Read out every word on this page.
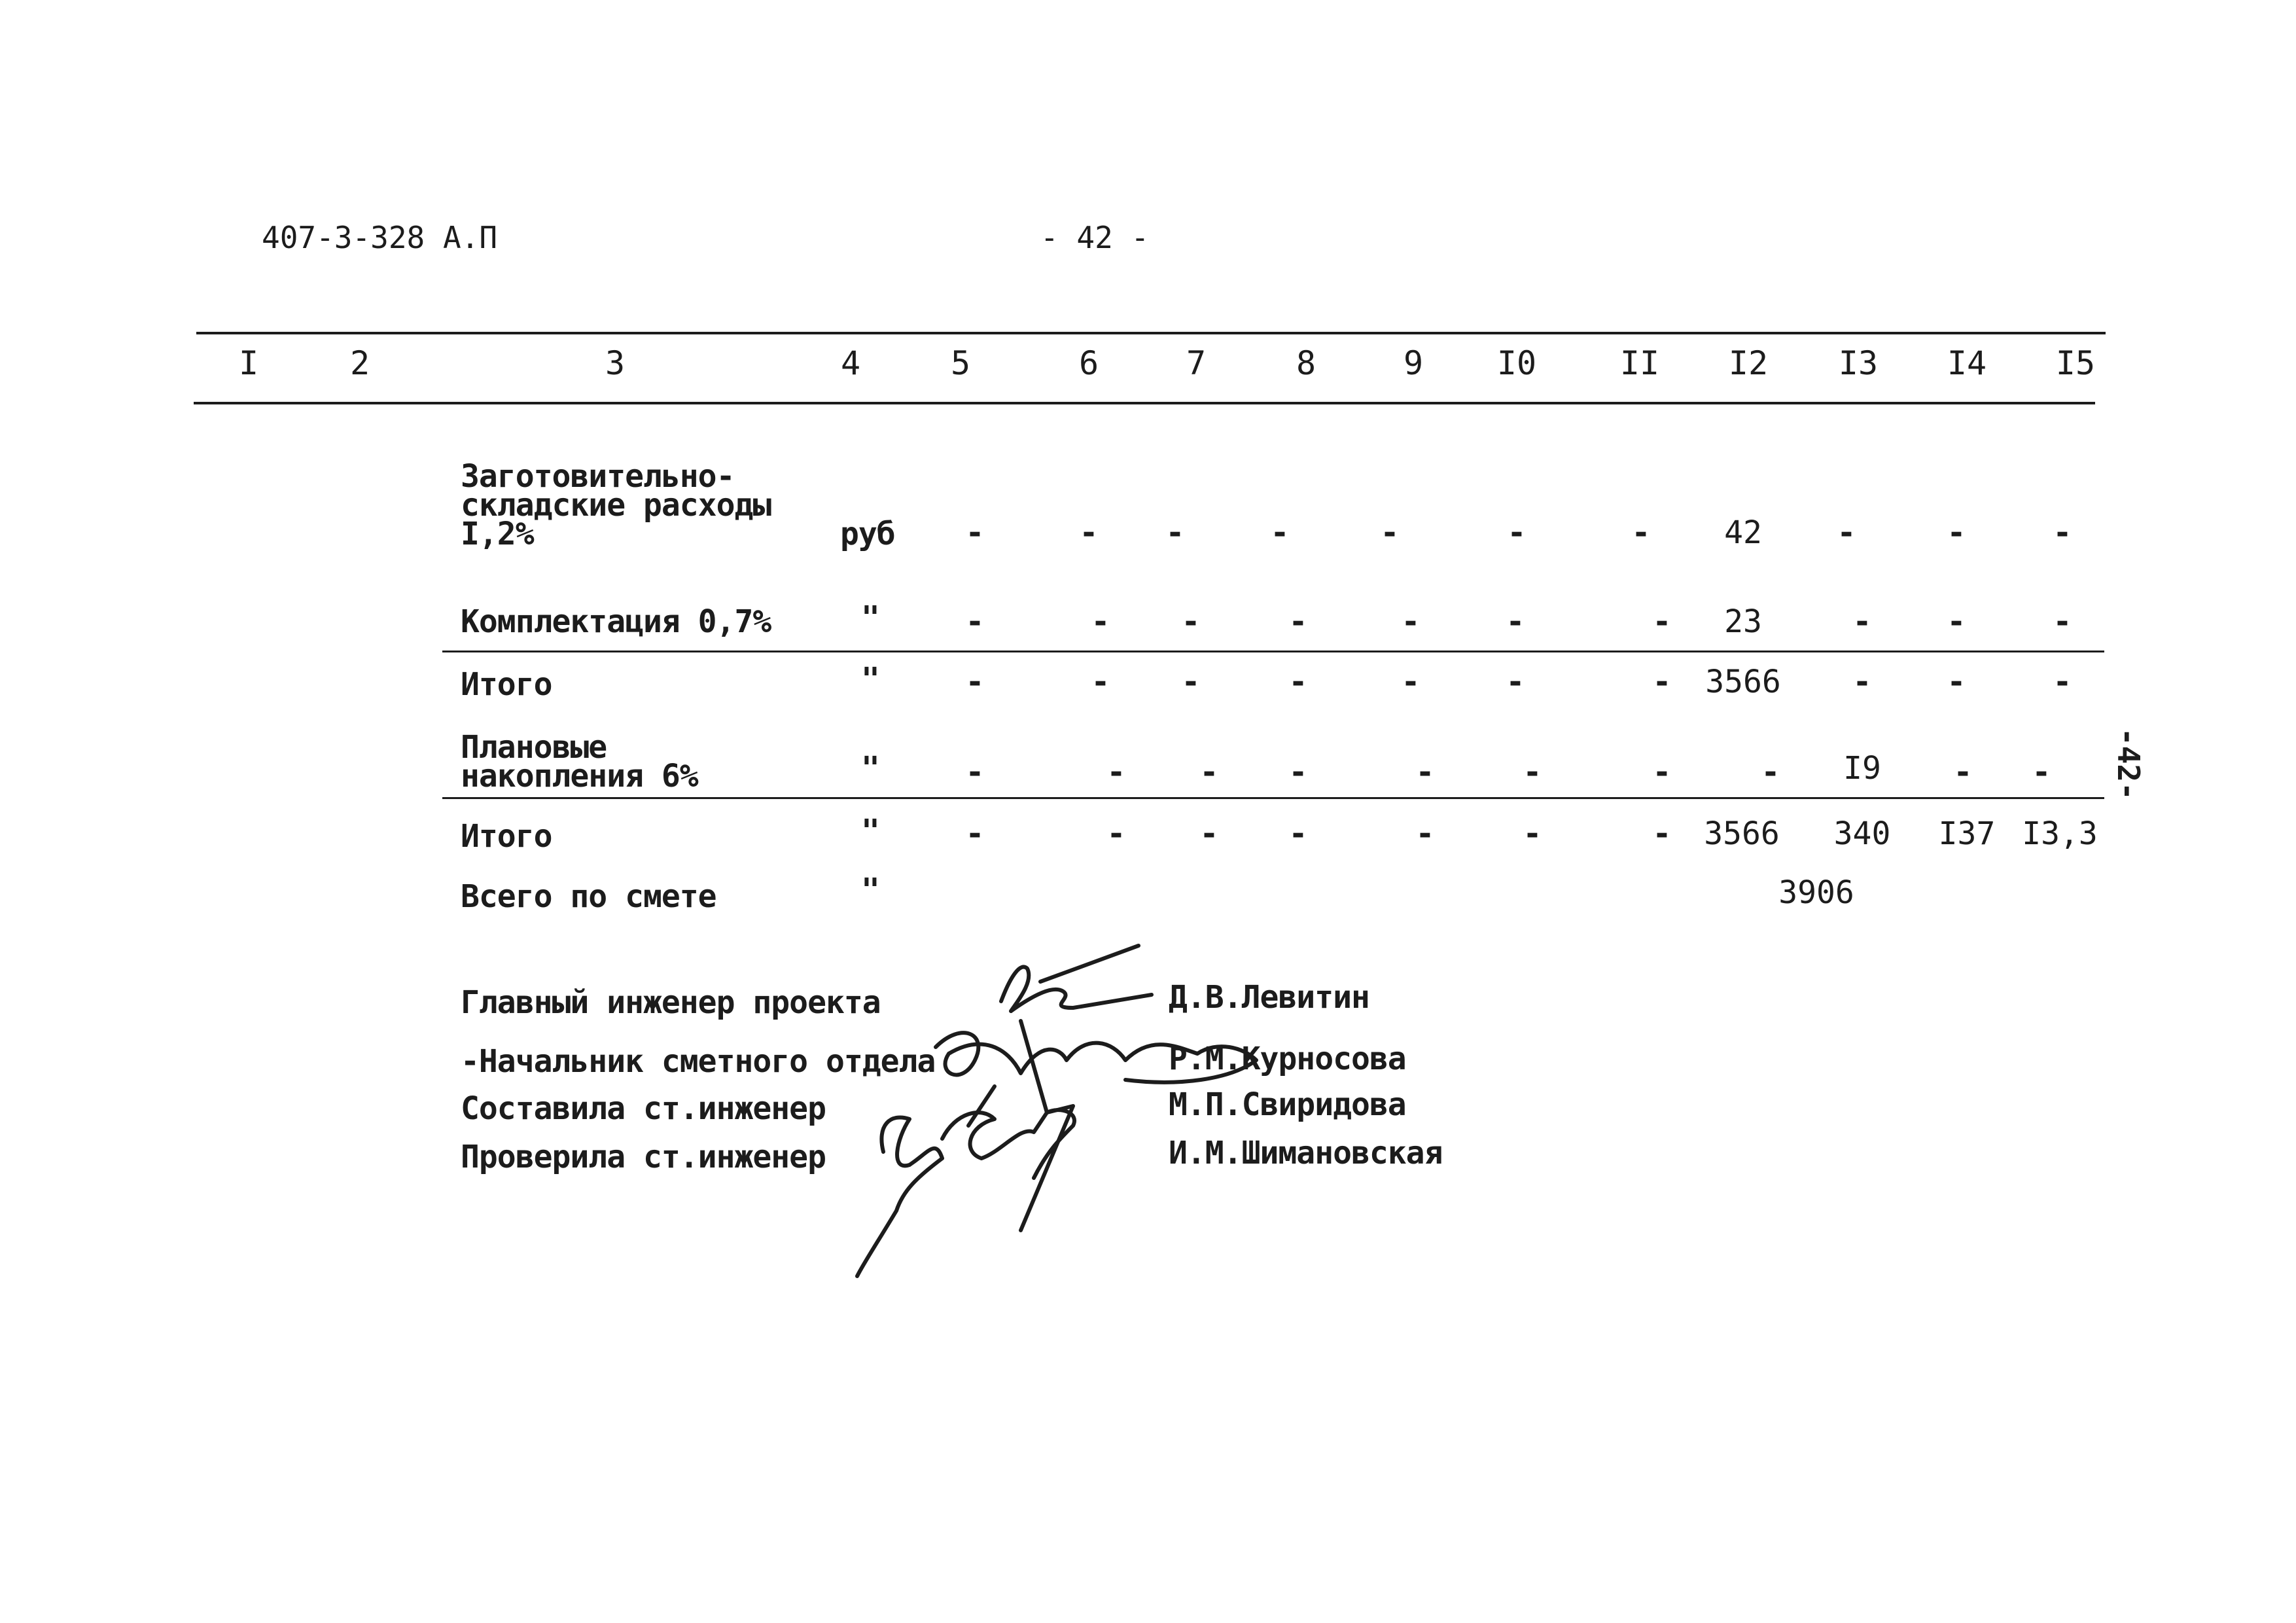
407-3-328 А.П	- 42 -
I	2	3	4	5	6	7	8	9 I0	II I2 I3 I4 I5
Заготовительно-
складские расходы
I,2%	руб -	- -	-	-	-	- 42 -	-	-
Комплектация 0,7%	"	-	- -	-	-	-	- 23	- -	-
Итого	"	-	- -	-	-	-	- 3566 - -	-
Плановые
накопления 6%	"	-	- - -	-	-	-	- I9 - -
Итого	"	-	- - -	-	-	- 3566 340 I37 I3,3
Всего по смете	"	3906
Главный инженер проекта	Д.В.Левитин
-Начальник сметного отдела	Р.М.Курносова
Составила ст.инженер	М.П.Свиридова
Проверила ст.инженер	И.М.Шимановская
-42-
